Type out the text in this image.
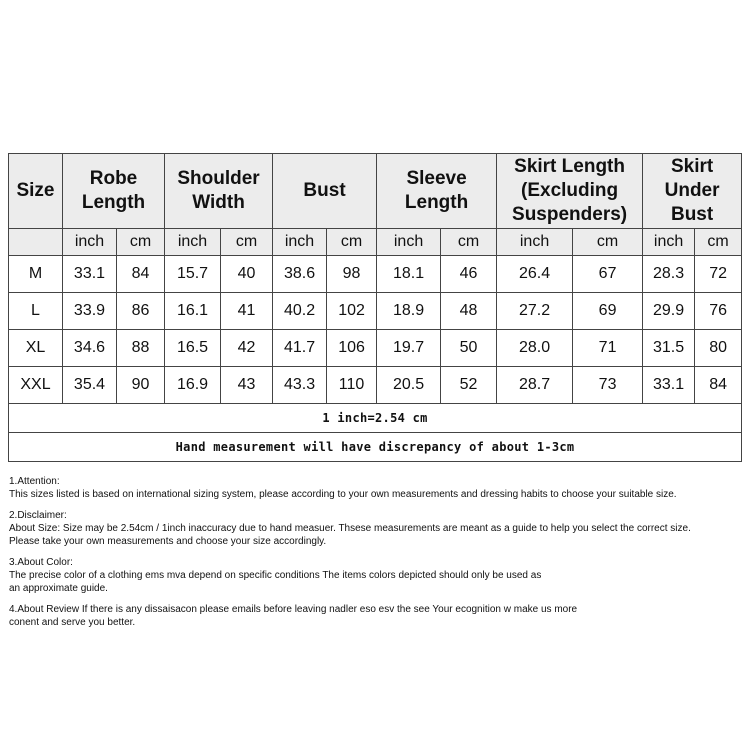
Size	Robe Length		Shoulder Width		Bust		Sleeve Length		Skirt Length (Excluding Suspenders)		Skirt Under Bust	
	inch	cm	inch	cm	inch	cm	inch	cm	inch	cm	inch	cm
M	33.1	84	15.7	40	38.6	98	18.1	46	26.4	67	28.3	72
L	33.9	86	16.1	41	40.2	102	18.9	48	27.2	69	29.9	76
XL	34.6	88	16.5	42	41.7	106	19.7	50	28.0	71	31.5	80
XXL	35.4	90	16.9	43	43.3	110	20.5	52	28.7	73	33.1	84
1 inch=2.54 cm												
Hand measurement will have discrepancy of about 1-3cm												
1.Attention:
This sizes listed is based on international sizing system, please according to your own measurements and dressing habits to choose your suitable size.
2.Disclaimer:
About Size: Size may be 2.54cm / 1inch inaccuracy due to hand measuer. Thsese measurements are meant as a guide to help you select the correct size.
Please take your own measurements and choose your size accordingly.
3.About Color:
The precise color of a clothing ems mva depend on specific conditions The items colors depicted should only be used as
an approximate guide.
4.About Review If there is any dissaisacon please emails before leaving nadler eso esv the see Your ecognition w make us more
conent and serve you better.
